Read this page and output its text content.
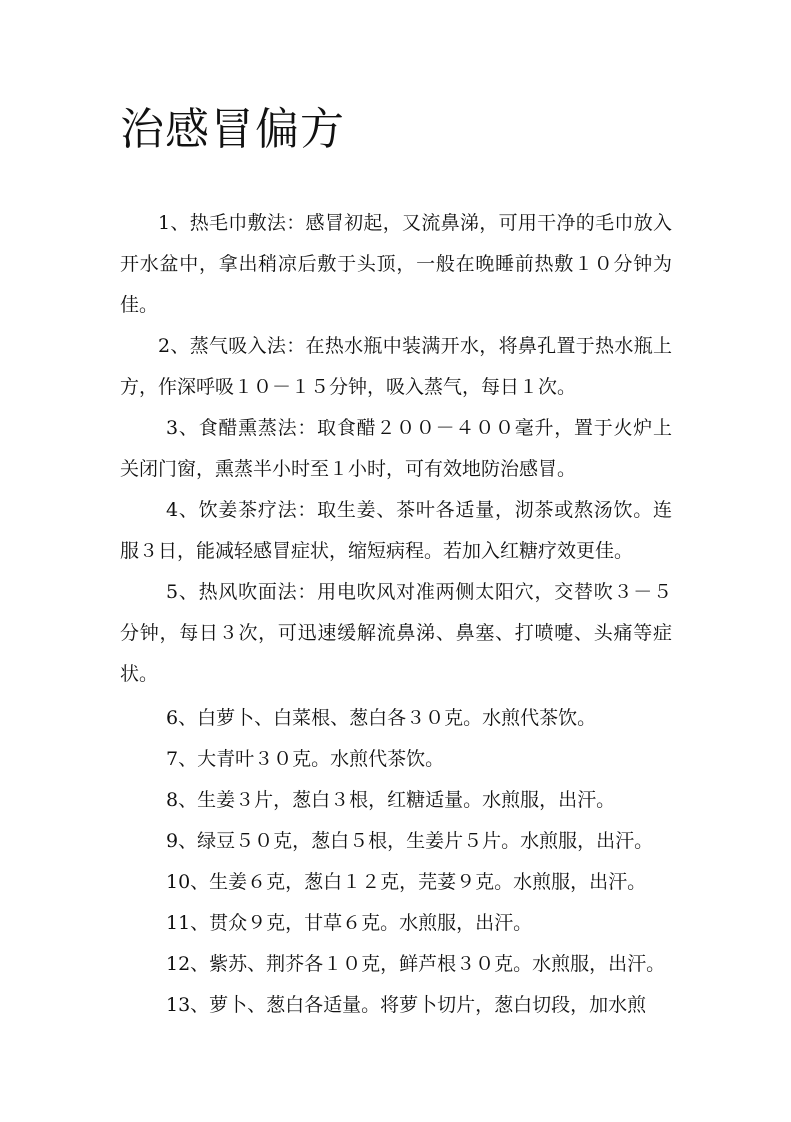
治感冒偏方

1、热毛巾敷法：感冒初起，又流鼻涕，可用干净的毛巾放入开水盆中，拿出稍凉后敷于头顶，一般在晚睡前热敷１０分钟为佳。

2、蒸气吸入法：在热水瓶中装满开水，将鼻孔置于热水瓶上方，作深呼吸１０－１５分钟，吸入蒸气，每日１次。

3、食醋熏蒸法：取食醋２００－４００毫升，置于火炉上关闭门窗，熏蒸半小时至１小时，可有效地防治感冒。

4、饮姜茶疗法：取生姜、茶叶各适量，沏茶或熬汤饮。连服３日，能减轻感冒症状，缩短病程。若加入红糖疗效更佳。

5、热风吹面法：用电吹风对准两侧太阳穴，交替吹３－５分钟，每日３次，可迅速缓解流鼻涕、鼻塞、打喷嚏、头痛等症状。

6、白萝卜、白菜根、葱白各３０克。水煎代茶饮。

7、大青叶３０克。水煎代茶饮。

8、生姜３片，葱白３根，红糖适量。水煎服，出汗。

9、绿豆５０克，葱白５根，生姜片５片。水煎服，出汗。

10、生姜６克，葱白１２克，芫荽９克。水煎服，出汗。

11、贯众９克，甘草６克。水煎服，出汗。

12、紫苏、荆芥各１０克，鲜芦根３０克。水煎服，出汗。

13、萝卜、葱白各适量。将萝卜切片，葱白切段，加水煎
